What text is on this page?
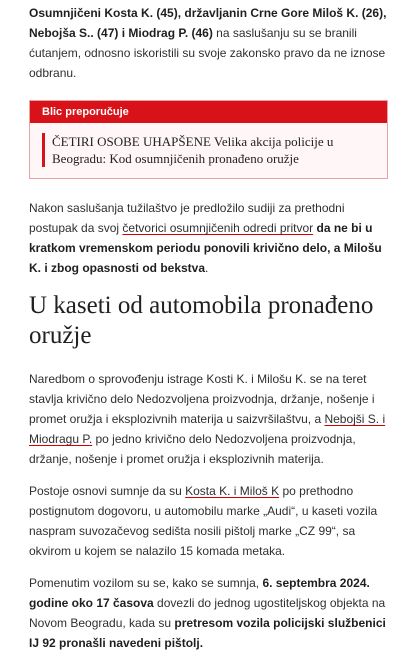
Osumnjičeni Kosta K. (45), državljanin Crne Gore Miloš K. (26), Nebojša S.. (47) i Miodrag P. (46) na saslušanju su se branili ćutanjem, odnosno iskoristili su svoje zakonsko pravo da ne iznose odbranu.

Blic preporučuje
ČETIRI OSOBE UHAPŠENE Velika akcija policije u Beogradu: Kod osumnjičenih pronađeno oružje

Nakon saslušanja tužilaštvo je predložilo sudiji za prethodni postupak da svoj četvorici osumnjičenih odredi pritvor da ne bi u kratkom vremenskom periodu ponovili krivično delo, a Milošu K. i zbog opasnosti od bekstva.

U kaseti od automobila pronađeno oružje

Naredbom o sprovođenju istrage Kosti K. i Milošu K. se na teret stavlja krivično delo Nedozvoljena proizvodnja, držanje, nošenje i promet oružja i eksplozivnih materija u saizvršilaštvu, a Nebojši S. i Miodragu P. po jedno krivično delo Nedozvoljena proizvodnja, držanje, nošenje i promet oružja i eksplozivnih materija.

Postoje osnovi sumnje da su Kosta K. i Miloš K po prethodno postignutom dogovoru, u automobilu marke „Audi“, u kaseti vozila naspram suvozačevog sedišta nosili pištolj marke „CZ 99“, sa okvirom u kojem se nalazilo 15 komada metaka.

Pomenutim vozilom su se, kako se sumnja, 6. septembra 2024. godine oko 17 časova dovezli do jednog ugostiteljskog objekta na Novom Beogradu, kada su pretresom vozila policijski službenici IJ 92 pronašli navedeni pištolj.
